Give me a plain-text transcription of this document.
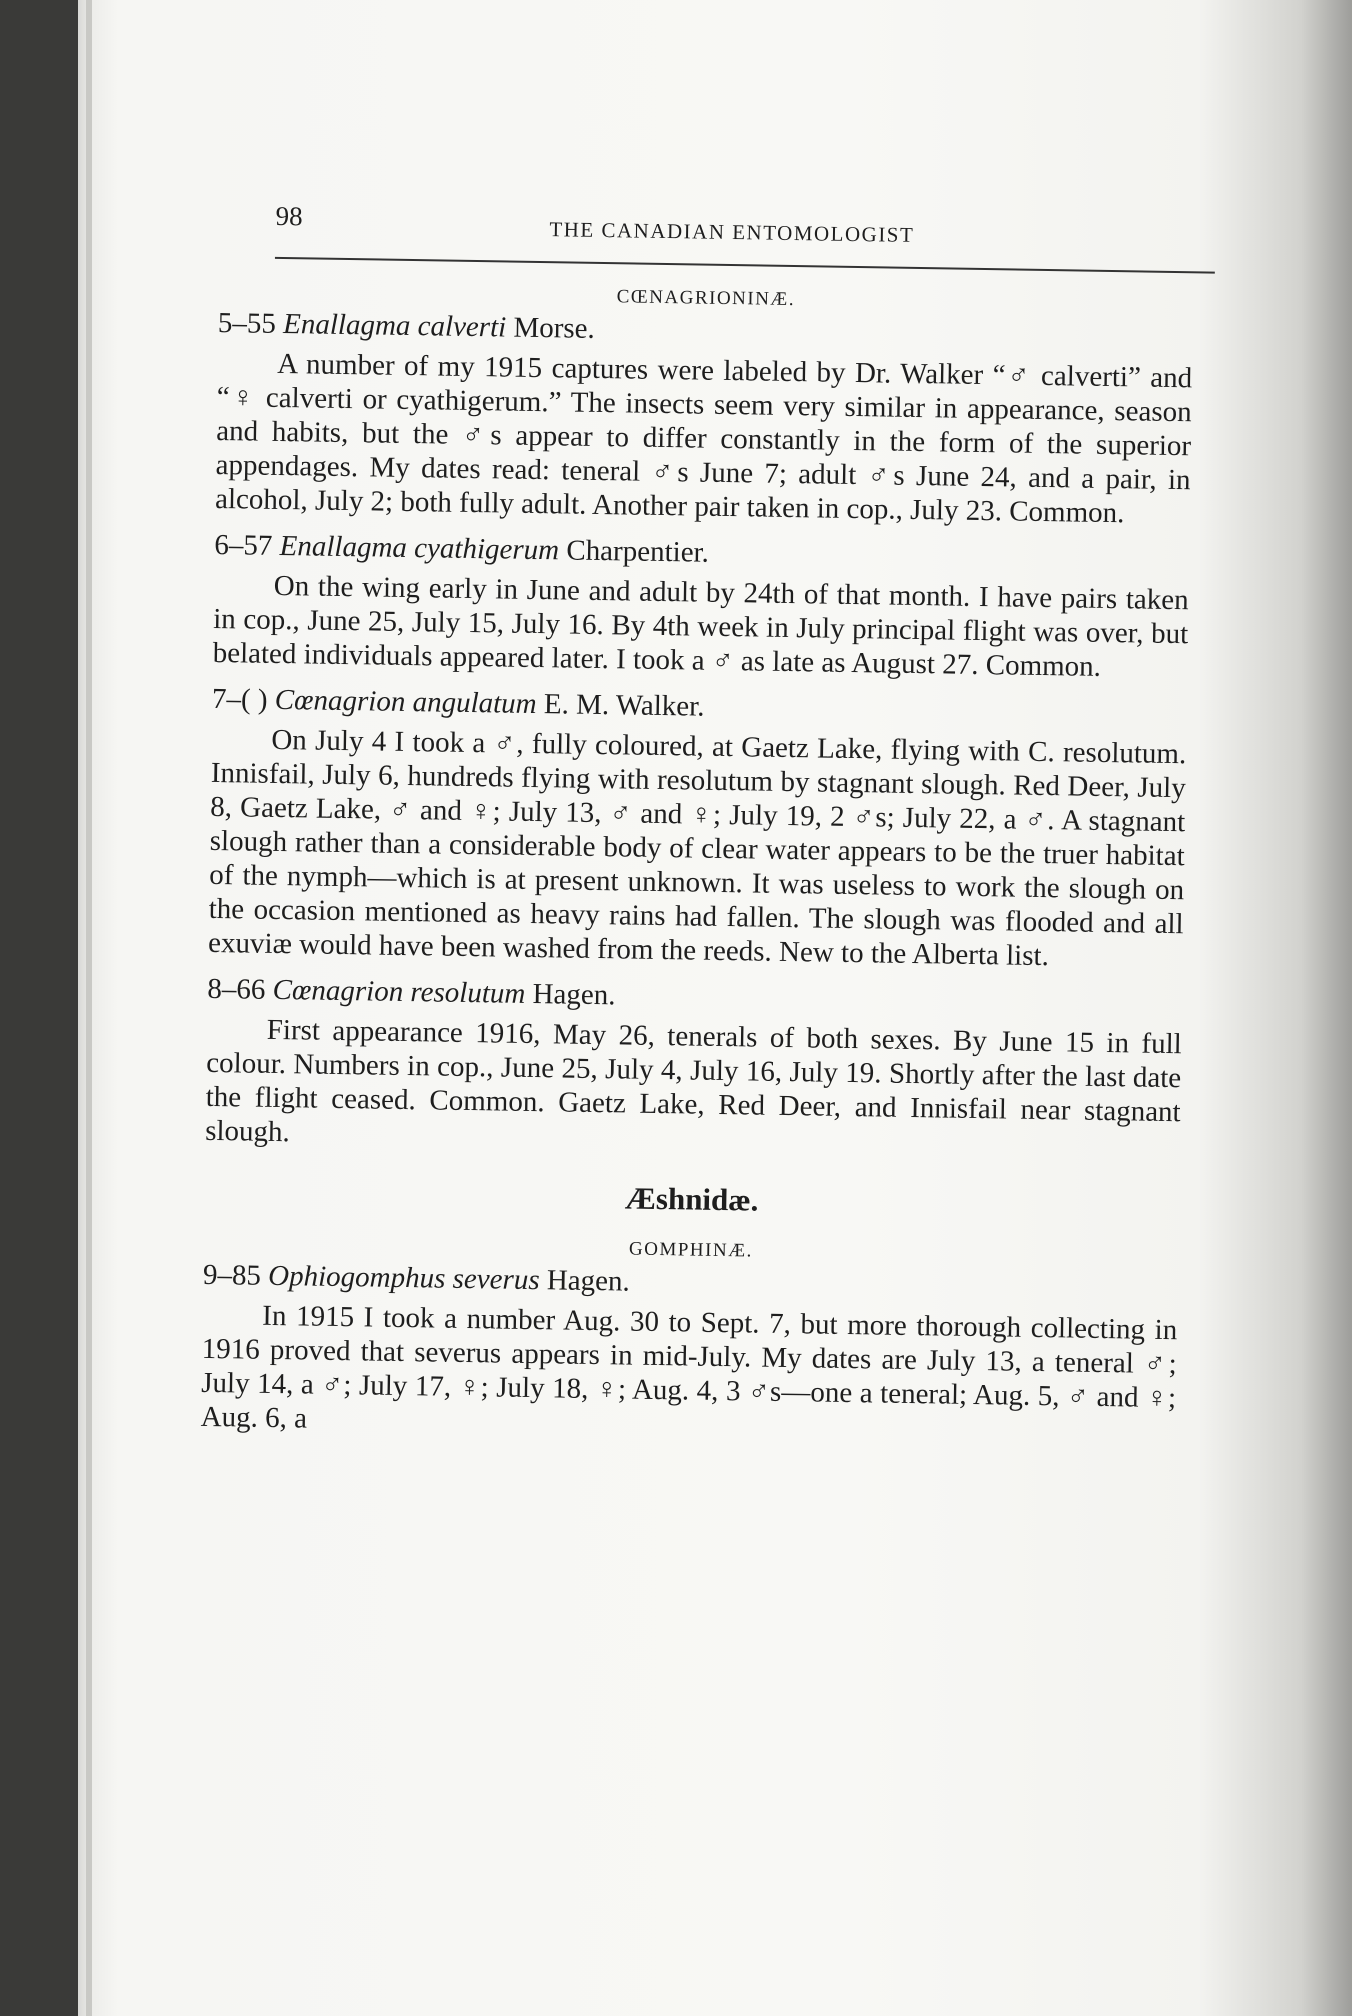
98
THE CANADIAN ENTOMOLOGIST
CŒNAGRIONINÆ.
5–55 Enallagma calverti Morse.

A number of my 1915 captures were labeled by Dr. Walker “♂ calverti” and “♀ calverti or cyathigerum.” The insects seem very similar in appearance, season and habits, but the ♂s appear to differ constantly in the form of the superior appendages. My dates read: teneral ♂s June 7; adult ♂s June 24, and a pair, in alcohol, July 2; both fully adult. Another pair taken in cop., July 23. Common.

6–57 Enallagma cyathigerum Charpentier.

On the wing early in June and adult by 24th of that month. I have pairs taken in cop., June 25, July 15, July 16. By 4th week in July principal flight was over, but belated individuals appeared later. I took a ♂ as late as August 27. Common.

7–( ) Cœnagrion angulatum E. M. Walker.

On July 4 I took a ♂, fully coloured, at Gaetz Lake, flying with C. resolutum. Innisfail, July 6, hundreds flying with resolutum by stagnant slough. Red Deer, July 8, Gaetz Lake, ♂ and ♀; July 13, ♂ and ♀; July 19, 2 ♂s; July 22, a ♂. A stagnant slough rather than a considerable body of clear water appears to be the truer habitat of the nymph—which is at present unknown. It was useless to work the slough on the occasion mentioned as heavy rains had fallen. The slough was flooded and all exuviæ would have been washed from the reeds. New to the Alberta list.

8–66 Cœnagrion resolutum Hagen.

First appearance 1916, May 26, tenerals of both sexes. By June 15 in full colour. Numbers in cop., June 25, July 4, July 16, July 19. Shortly after the last date the flight ceased. Common. Gaetz Lake, Red Deer, and Innisfail near stagnant slough.

Æshnidæ.
GOMPHINÆ.
9–85 Ophiogomphus severus Hagen.

In 1915 I took a number Aug. 30 to Sept. 7, but more thorough collecting in 1916 proved that severus appears in mid-July. My dates are July 13, a teneral ♂; July 14, a ♂; July 17, ♀; July 18, ♀; Aug. 4, 3 ♂s—one a teneral; Aug. 5, ♂ and ♀; Aug. 6, a
